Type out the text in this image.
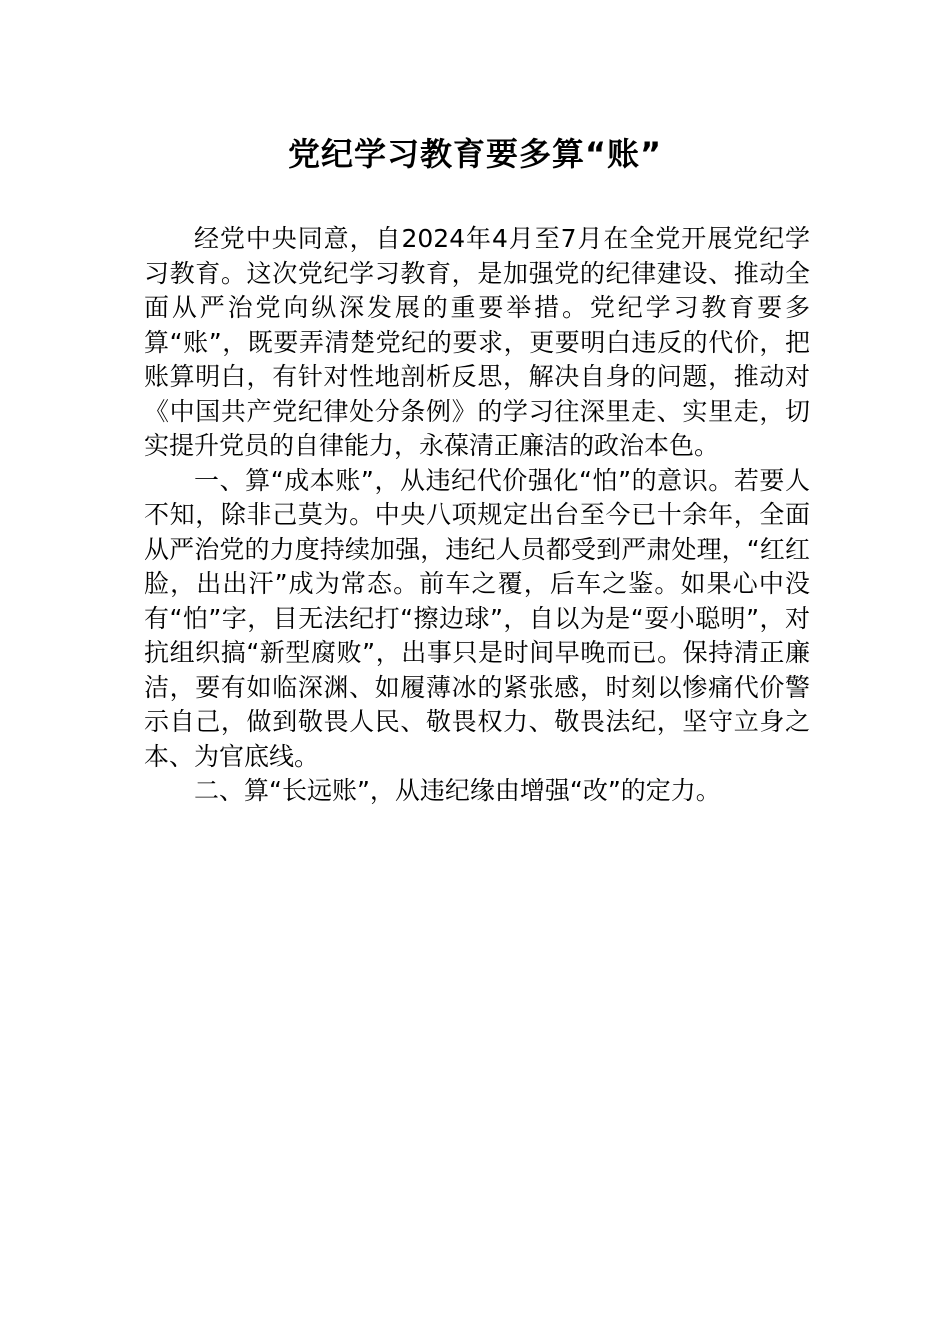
党纪学习教育要多算“账”

经党中央同意，自2024年4月至7月在全党开展党纪学习教育。这次党纪学习教育，是加强党的纪律建设、推动全面从严治党向纵深发展的重要举措。党纪学习教育要多算“账”，既要弄清楚党纪的要求，更要明白违反的代价，把账算明白，有针对性地剖析反思，解决自身的问题，推动对《中国共产党纪律处分条例》的学习往深里走、实里走，切实提升党员的自律能力，永葆清正廉洁的政治本色。

一、算“成本账”，从违纪代价强化“怕”的意识。若要人不知，除非己莫为。中央八项规定出台至今已十余年，全面从严治党的力度持续加强，违纪人员都受到严肃处理，“红红脸，出出汗”成为常态。前车之覆，后车之鉴。如果心中没有“怕”字，目无法纪打“擦边球”，自以为是“耍小聪明”，对抗组织搞“新型腐败”，出事只是时间早晚而已。保持清正廉洁，要有如临深渊、如履薄冰的紧张感，时刻以惨痛代价警示自己，做到敬畏人民、敬畏权力、敬畏法纪，坚守立身之本、为官底线。

二、算“长远账”，从违纪缘由增强“改”的定力。
